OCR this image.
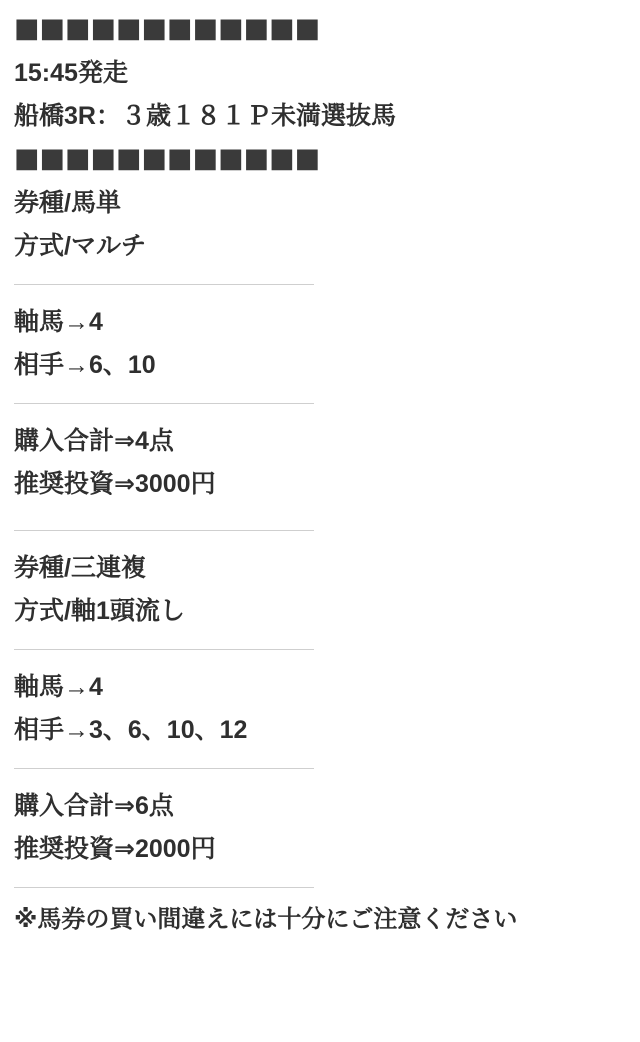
■■■■■■■■■■■■

15:45発走

船橋3R：３歳１８１Ｐ未満選抜馬

■■■■■■■■■■■■

券種/馬単

方式/マルチ

軸馬→4

相手→6、10

購入合計⇒4点

推奨投資⇒3000円

券種/三連複

方式/軸1頭流し

軸馬→4

相手→3、6、10、12

購入合計⇒6点

推奨投資⇒2000円

※馬券の買い間違えには十分にご注意ください
